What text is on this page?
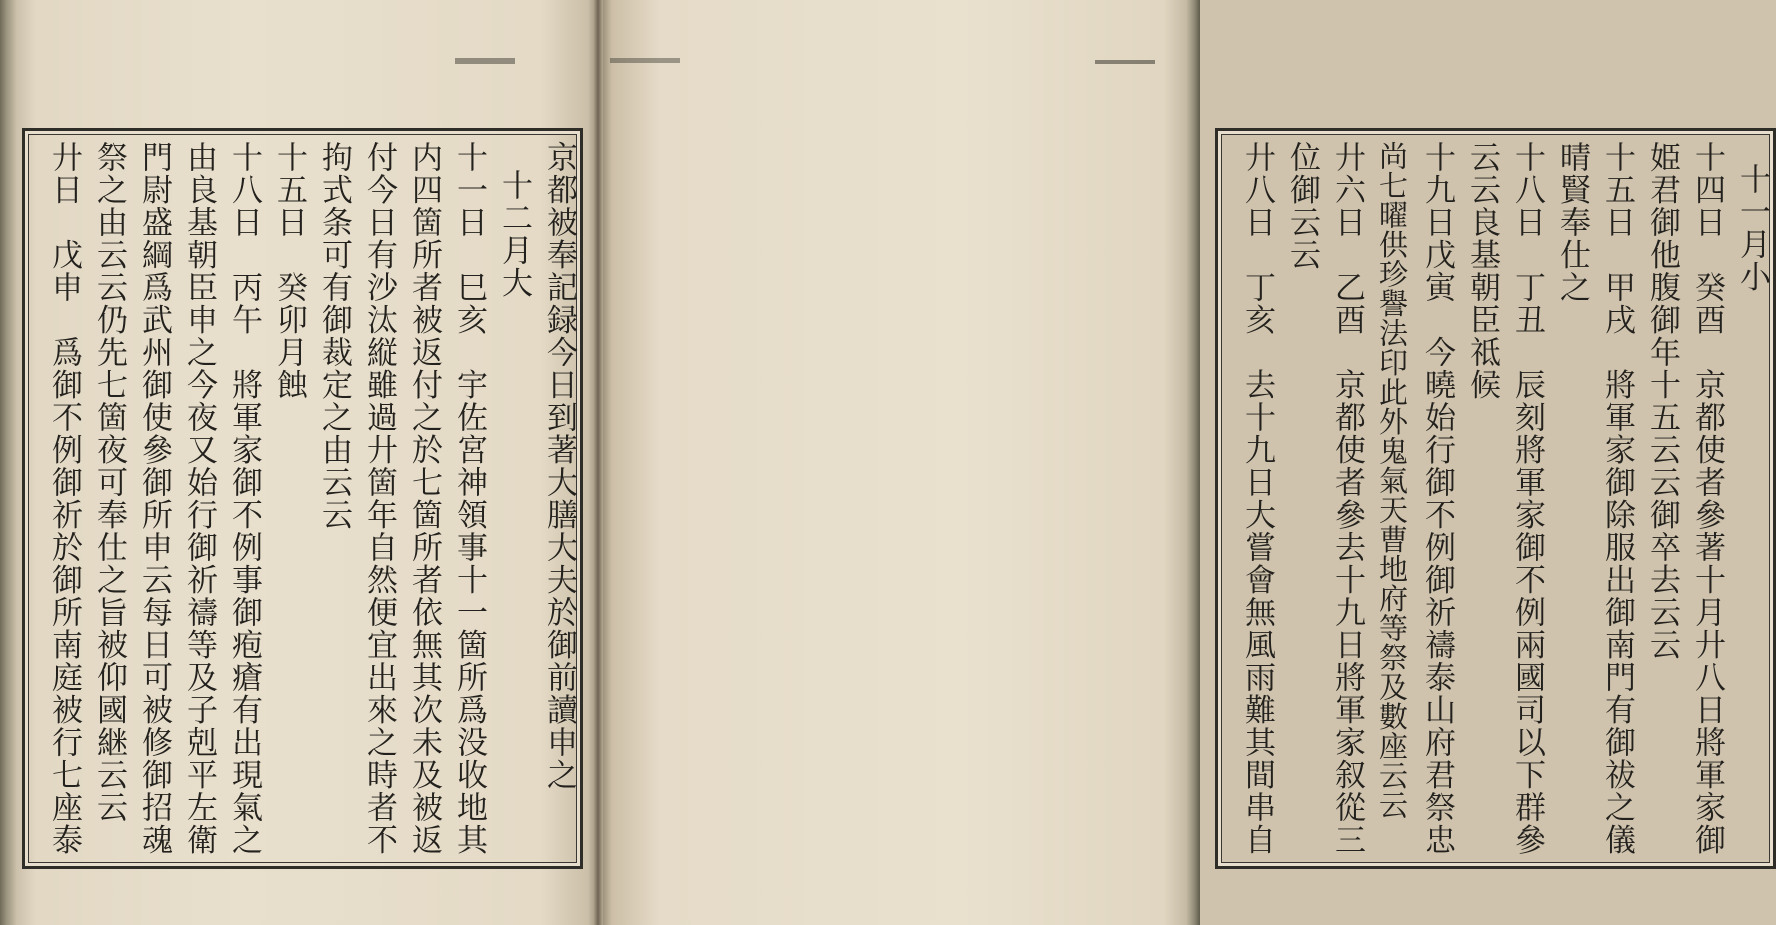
京都被奉記録今日到著大膳大夫於御前讀申之
十二月大
十一日　巳亥　宇佐宮神領事十一箇所爲没收地其
内四箇所者被返付之於七箇所者依無其次未及被返
付今日有沙汰縦雖過廾箇年自然便宜出來之時者不
拘式条可有御裁定之由云云
十五日　癸卯月蝕
十八日　丙午　將軍家御不例事御疱瘡有出現氣之
由良基朝臣申之今夜又始行御祈禱等及子剋平左衛
門尉盛綱爲武州御使參御所申云每日可被修御招魂
祭之由云云仍先七箇夜可奉仕之旨被仰國継云云
廾日　戊申　爲御不例御祈於御所南庭被行七座泰	十一月小
十四日　癸酉　京都使者參著十月廾八日將軍家御
姫君御他腹御年十五云云御卒去云云
十五日　甲戌　將軍家御除服出御南門有御祓之儀
晴賢奉仕之
十八日　丁丑　辰刻將軍家御不例兩國司以下群參
云云良基朝臣祗候
十九日戊寅　今曉始行御不例御祈禱泰山府君祭忠
尚七曜供珍譽法印此外鬼氣天曹地府等祭及數座云云
廾六日　乙酉　京都使者參去十九日將軍家叙從三
位御云云
廾八日　丁亥　去十九日大嘗會無風雨難其間串自
